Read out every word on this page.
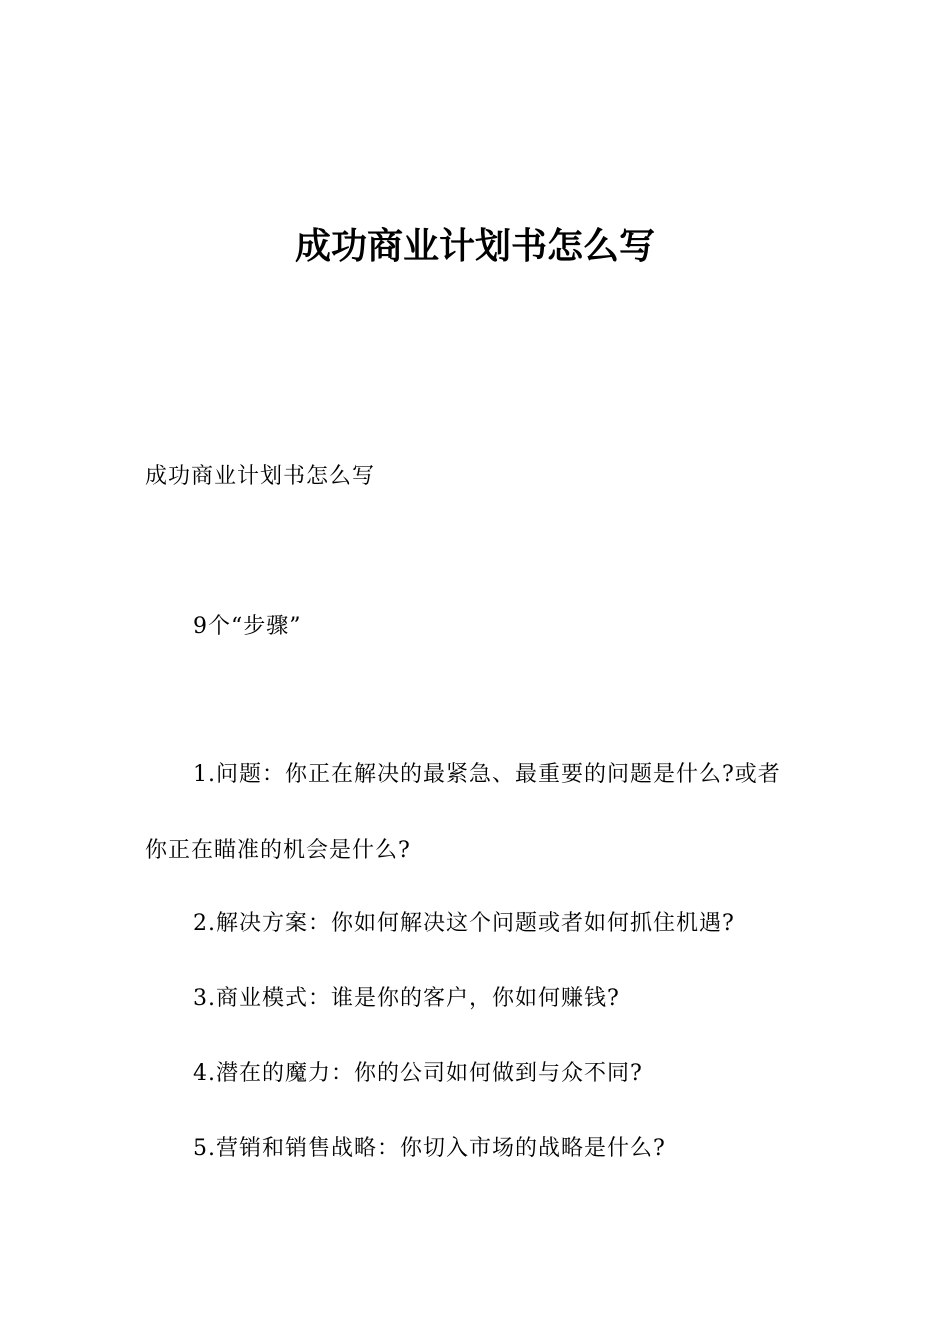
成功商业计划书怎么写
成功商业计划书怎么写
9个“步骤”
1.问题：你正在解决的最紧急、最重要的问题是什么?或者
你正在瞄准的机会是什么?
2.解决方案：你如何解决这个问题或者如何抓住机遇?
3.商业模式：谁是你的客户，你如何赚钱?
4.潜在的魔力：你的公司如何做到与众不同?
5.营销和销售战略：你切入市场的战略是什么?
